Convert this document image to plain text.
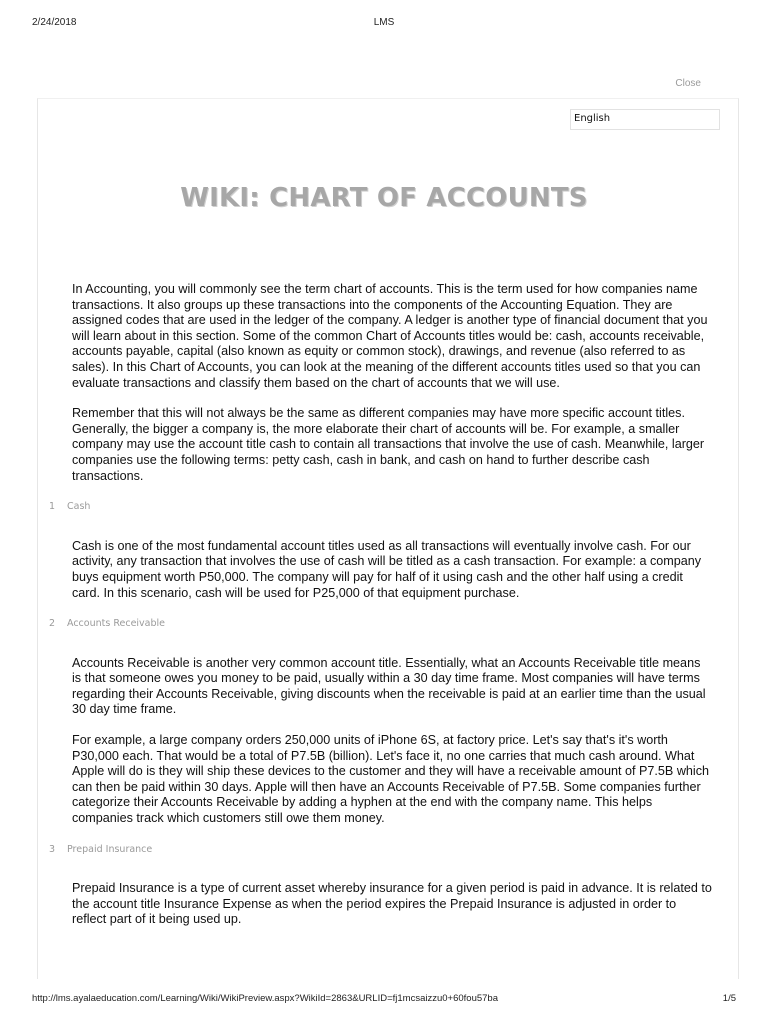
2/24/2018	LMS
Close
English
WIKI: CHART OF ACCOUNTS

In Accounting, you will commonly see the term chart of accounts. This is the term used for how companies name transactions. It also groups up these transactions into the components of the Accounting Equation. They are assigned codes that are used in the ledger of the company. A ledger is another type of financial document that you will learn about in this section. Some of the common Chart of Accounts titles would be: cash, accounts receivable, accounts payable, capital (also known as equity or common stock), drawings, and revenue (also referred to as sales). In this Chart of Accounts, you can look at the meaning of the different accounts titles used so that you can evaluate transactions and classify them based on the chart of accounts that we will use.

Remember that this will not always be the same as different companies may have more specific account titles. Generally, the bigger a company is, the more elaborate their chart of accounts will be. For example, a smaller company may use the account title cash to contain all transactions that involve the use of cash. Meanwhile, larger companies use the following terms: petty cash, cash in bank, and cash on hand to further describe cash transactions.

1 Cash

Cash is one of the most fundamental account titles used as all transactions will eventually involve cash. For our activity, any transaction that involves the use of cash will be titled as a cash transaction. For example: a company buys equipment worth P50,000. The company will pay for half of it using cash and the other half using a credit card. In this scenario, cash will be used for P25,000 of that equipment purchase.

2 Accounts Receivable

Accounts Receivable is another very common account title. Essentially, what an Accounts Receivable title means is that someone owes you money to be paid, usually within a 30 day time frame. Most companies will have terms regarding their Accounts Receivable, giving discounts when the receivable is paid at an earlier time than the usual 30 day time frame.

For example, a large company orders 250,000 units of iPhone 6S, at factory price. Let's say that's it's worth P30,000 each. That would be a total of P7.5B (billion). Let's face it, no one carries that much cash around. What Apple will do is they will ship these devices to the customer and they will have a receivable amount of P7.5B which can then be paid within 30 days. Apple will then have an Accounts Receivable of P7.5B. Some companies further categorize their Accounts Receivable by adding a hyphen at the end with the company name. This helps companies track which customers still owe them money.

3 Prepaid Insurance

Prepaid Insurance is a type of current asset whereby insurance for a given period is paid in advance. It is related to the account title Insurance Expense as when the period expires the Prepaid Insurance is adjusted in order to reflect part of it being used up.

http://lms.ayalaeducation.com/Learning/Wiki/WikiPreview.aspx?WikiId=2863&URLID=fj1mcsaizzu0+60fou57ba	1/5
